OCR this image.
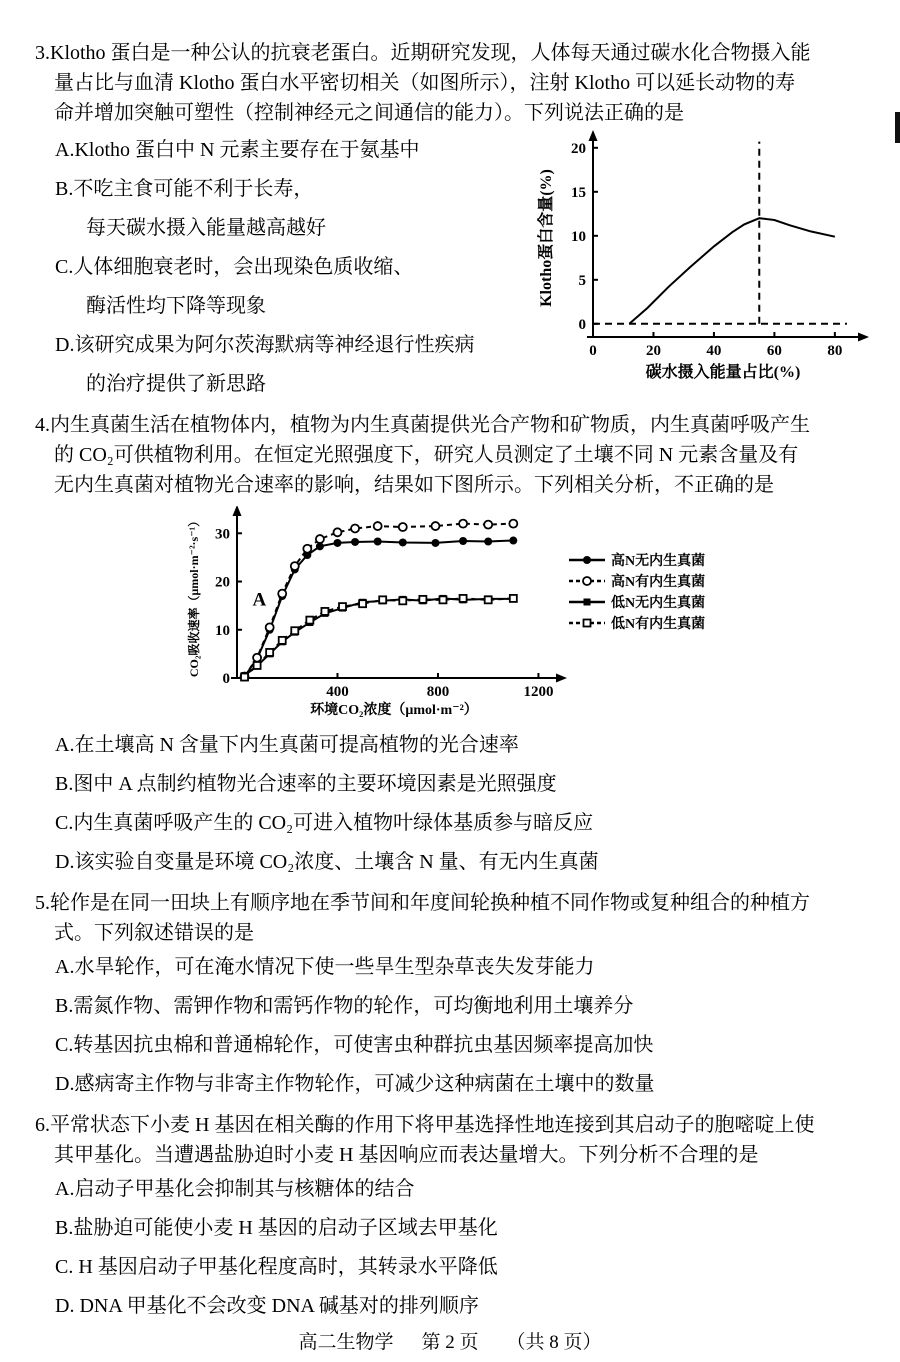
3.Klotho 蛋白是一种公认的抗衰老蛋白。近期研究发现，人体每天通过碳水化合物摄入能
量占比与血清 Klotho 蛋白水平密切相关（如图所示），注射 Klotho 可以延长动物的寿
命并增加突触可塑性（控制神经元之间通信的能力）。下列说法正确的是
A.Klotho 蛋白中 N 元素主要存在于氨基中
B.不吃主食可能不利于长寿，
每天碳水摄入能量越高越好
C.人体细胞衰老时，会出现染色质收缩、
酶活性均下降等现象
D.该研究成果为阿尔茨海默病等神经退行性疾病
的治疗提供了新思路
0	20	40	60	80
0
5
10
15
20
碳水摄入能量占比(%)
Klotho蛋白含量(%)
4.内生真菌生活在植物体内，植物为内生真菌提供光合产物和矿物质，内生真菌呼吸产生
的 CO₂可供植物利用。在恒定光照强度下，研究人员测定了土壤不同 N 元素含量及有
无内生真菌对植物光合速率的影响，结果如下图所示。下列相关分析，不正确的是
400	800	1200
0
10
20
30
环境CO₂浓度（μmol·m⁻²）
CO₂吸收速率（μmol·m⁻²·s⁻¹）	A
高N无内生真菌
高N有内生真菌
低N无内生真菌
低N有内生真菌
A.在土壤高 N 含量下内生真菌可提高植物的光合速率
B.图中 A 点制约植物光合速率的主要环境因素是光照强度
C.内生真菌呼吸产生的 CO₂可进入植物叶绿体基质参与暗反应
D.该实验自变量是环境 CO₂浓度、土壤含 N 量、有无内生真菌
5.轮作是在同一田块上有顺序地在季节间和年度间轮换种植不同作物或复种组合的种植方
式。下列叙述错误的是
A.水旱轮作，可在淹水情况下使一些旱生型杂草丧失发芽能力
B.需氮作物、需钾作物和需钙作物的轮作，可均衡地利用土壤养分
C.转基因抗虫棉和普通棉轮作，可使害虫种群抗虫基因频率提高加快
D.感病寄主作物与非寄主作物轮作，可减少这种病菌在土壤中的数量
6.平常状态下小麦 H 基因在相关酶的作用下将甲基选择性地连接到其启动子的胞嘧啶上使
其甲基化。当遭遇盐胁迫时小麦 H 基因响应而表达量增大。下列分析不合理的是
A.启动子甲基化会抑制其与核糖体的结合
B.盐胁迫可能使小麦 H 基因的启动子区域去甲基化
C. H 基因启动子甲基化程度高时，其转录水平降低
D. DNA 甲基化不会改变 DNA 碱基对的排列顺序
高二生物学 第 2 页 （共 8 页）
